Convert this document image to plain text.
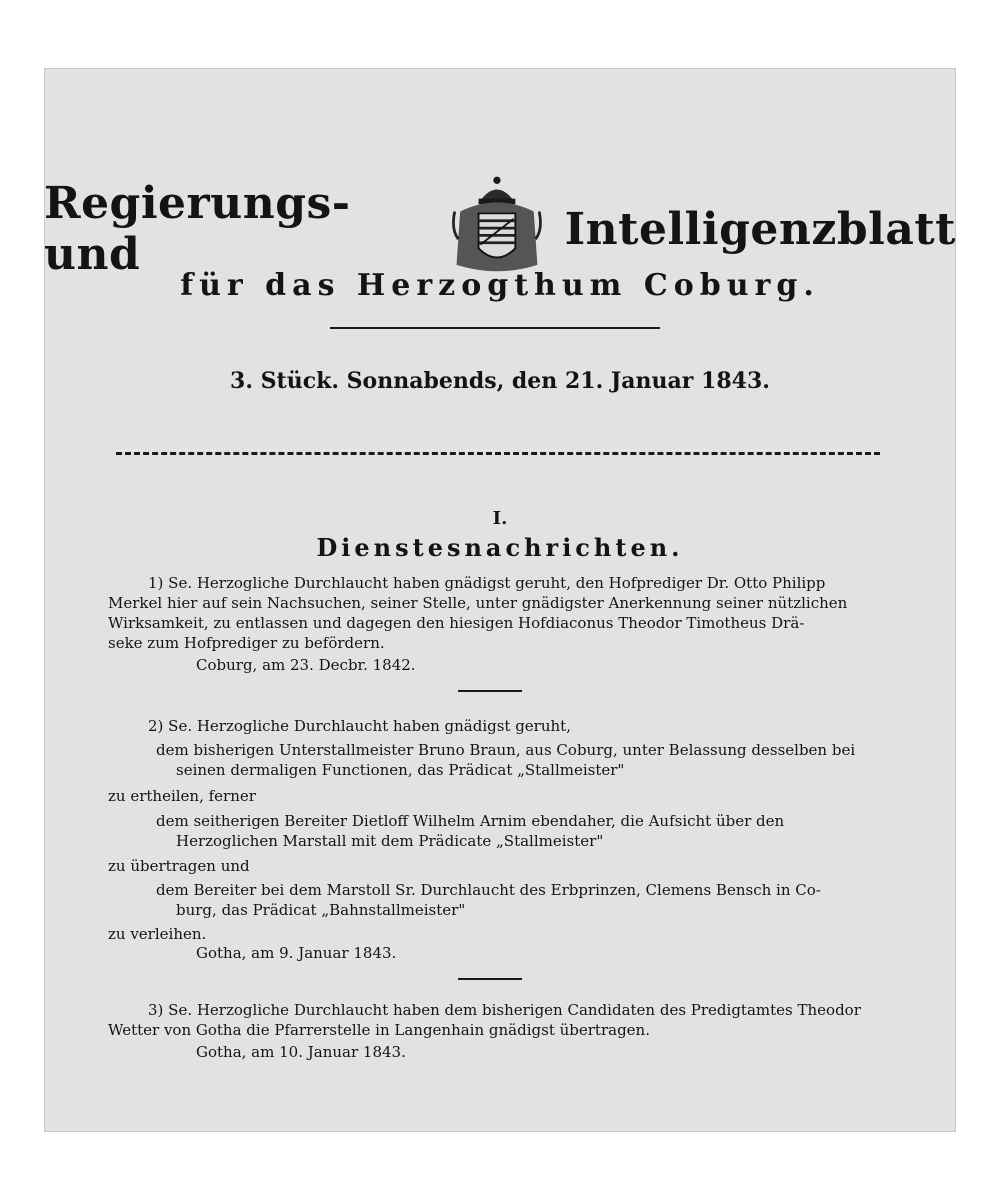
Regierungs- und	Intelligenzblatt
für das Herzogthum Coburg.
3. Stück. Sonnabends, den 21. Januar 1843.
I.
Dienstesnachrichten.
1) Se. Herzogliche Durchlaucht haben gnädigst geruht, den Hofprediger Dr. Otto Philipp
Merkel hier auf sein Nachsuchen, seiner Stelle, unter gnädigster Anerkennung seiner nützlichen
Wirksamkeit, zu entlassen und dagegen den hiesigen Hofdiaconus Theodor Timotheus Drä-
seke zum Hofprediger zu befördern.
Coburg, am 23. Decbr. 1842.
2) Se. Herzogliche Durchlaucht haben gnädigst geruht,
dem bisherigen Unterstallmeister Bruno Braun, aus Coburg, unter Belassung desselben bei
seinen dermaligen Functionen, das Prädicat „Stallmeister"
zu ertheilen, ferner
dem seitherigen Bereiter Dietloff Wilhelm Arnim ebendaher, die Aufsicht über den
Herzoglichen Marstall mit dem Prädicate „Stallmeister"
zu übertragen und
dem Bereiter bei dem Marstoll Sr. Durchlaucht des Erbprinzen, Clemens Bensch in Co-
burg, das Prädicat „Bahnstallmeister"
zu verleihen.
Gotha, am 9. Januar 1843.
3) Se. Herzogliche Durchlaucht haben dem bisherigen Candidaten des Predigtamtes Theodor
Wetter von Gotha die Pfarrerstelle in Langenhain gnädigst übertragen.
Gotha, am 10. Januar 1843.
